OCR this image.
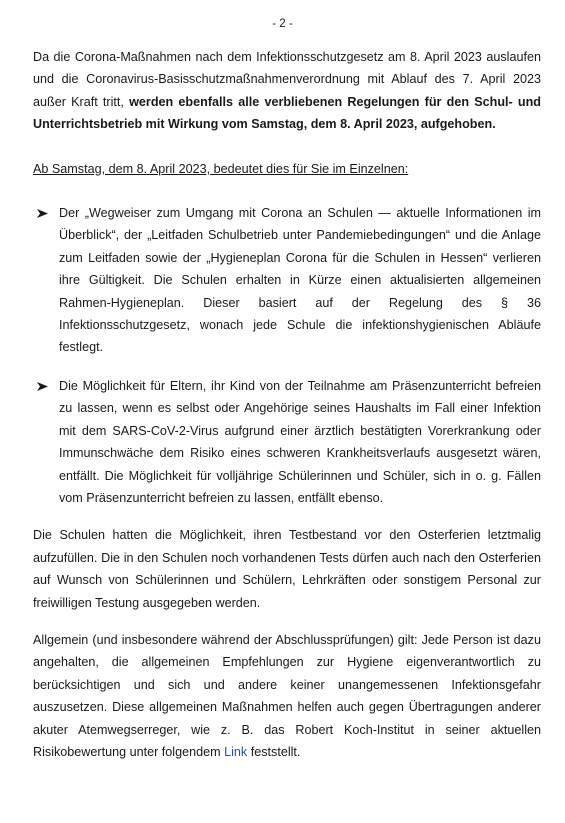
- 2 -

Da die Corona-Maßnahmen nach dem Infektionsschutzgesetz am 8. April 2023 auslaufen und die Coronavirus-Basisschutzmaßnahmenverordnung mit Ablauf des 7. April 2023 außer Kraft tritt, werden ebenfalls alle verbliebenen Regelungen für den Schul- und Unterrichtsbetrieb mit Wirkung vom Samstag, dem 8. April 2023, aufgehoben.

Ab Samstag, dem 8. April 2023, bedeutet dies für Sie im Einzelnen:

Der „Wegweiser zum Umgang mit Corona an Schulen — aktuelle Informationen im Überblick“, der „Leitfaden Schulbetrieb unter Pandemiebedingungen“ und die Anlage zum Leitfaden sowie der „Hygieneplan Corona für die Schulen in Hessen“ verlieren ihre Gültigkeit. Die Schulen erhalten in Kürze einen aktualisierten allgemeinen Rahmen-Hygieneplan. Dieser basiert auf der Regelung des § 36 Infektionsschutzgesetz, wonach jede Schule die infektionshygienischen Abläufe festlegt.
Die Möglichkeit für Eltern, ihr Kind von der Teilnahme am Präsenzunterricht befreien zu lassen, wenn es selbst oder Angehörige seines Haushalts im Fall einer Infektion mit dem SARS-CoV-2-Virus aufgrund einer ärztlich bestätigten Vorerkrankung oder Immunschwäche dem Risiko eines schweren Krankheitsverlaufs ausgesetzt wären, entfällt. Die Möglichkeit für volljährige Schülerinnen und Schüler, sich in o. g. Fällen vom Präsenzunterricht befreien zu lassen, entfällt ebenso.

Die Schulen hatten die Möglichkeit, ihren Testbestand vor den Osterferien letztmalig aufzufüllen. Die in den Schulen noch vorhandenen Tests dürfen auch nach den Osterferien auf Wunsch von Schülerinnen und Schülern, Lehrkräften oder sonstigem Personal zur freiwilligen Testung ausgegeben werden.

Allgemein (und insbesondere während der Abschlussprüfungen) gilt: Jede Person ist dazu angehalten, die allgemeinen Empfehlungen zur Hygiene eigenverantwortlich zu berücksichtigen und sich und andere keiner unangemessenen Infektionsgefahr auszusetzen. Diese allgemeinen Maßnahmen helfen auch gegen Übertragungen anderer akuter Atemwegserreger, wie z. B. das Robert Koch-Institut in seiner aktuellen Risikobewertung unter folgendem Link feststellt.
